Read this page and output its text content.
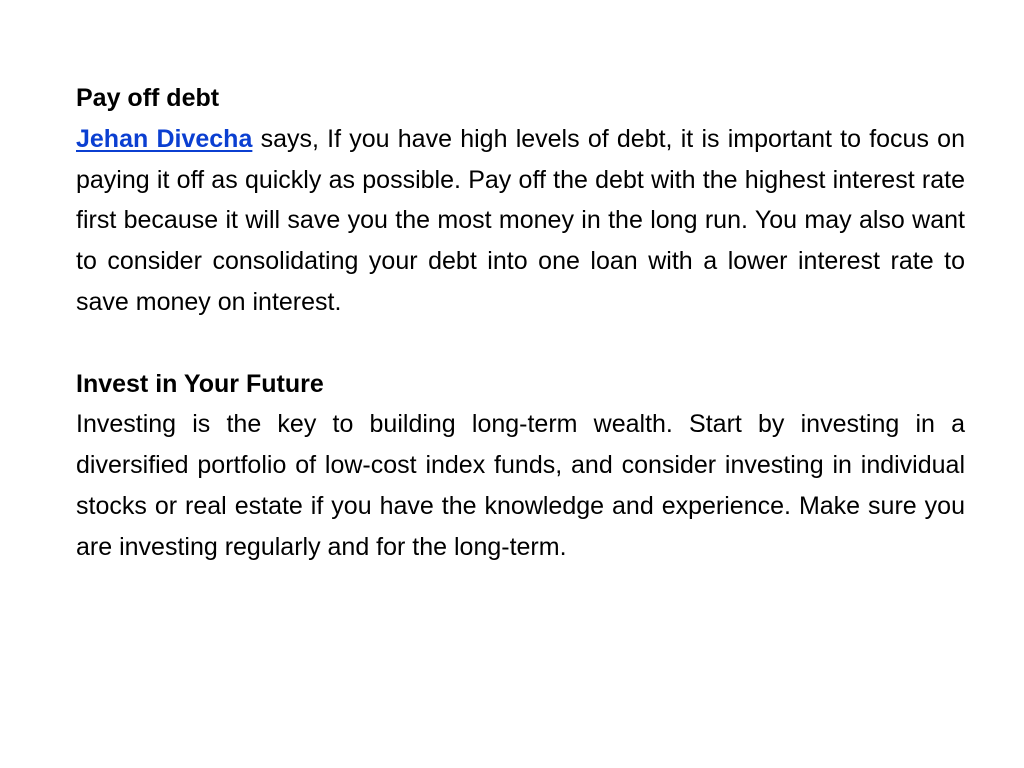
Pay off debt

Jehan Divecha says, If you have high levels of debt, it is important to focus on paying it off as quickly as possible. Pay off the debt with the highest interest rate first because it will save you the most money in the long run. You may also want to consider consolidating your debt into one loan with a lower interest rate to save money on interest.

Invest in Your Future

Investing is the key to building long-term wealth. Start by investing in a diversified portfolio of low-cost index funds, and consider investing in individual stocks or real estate if you have the knowledge and experience. Make sure you are investing regularly and for the long-term.
